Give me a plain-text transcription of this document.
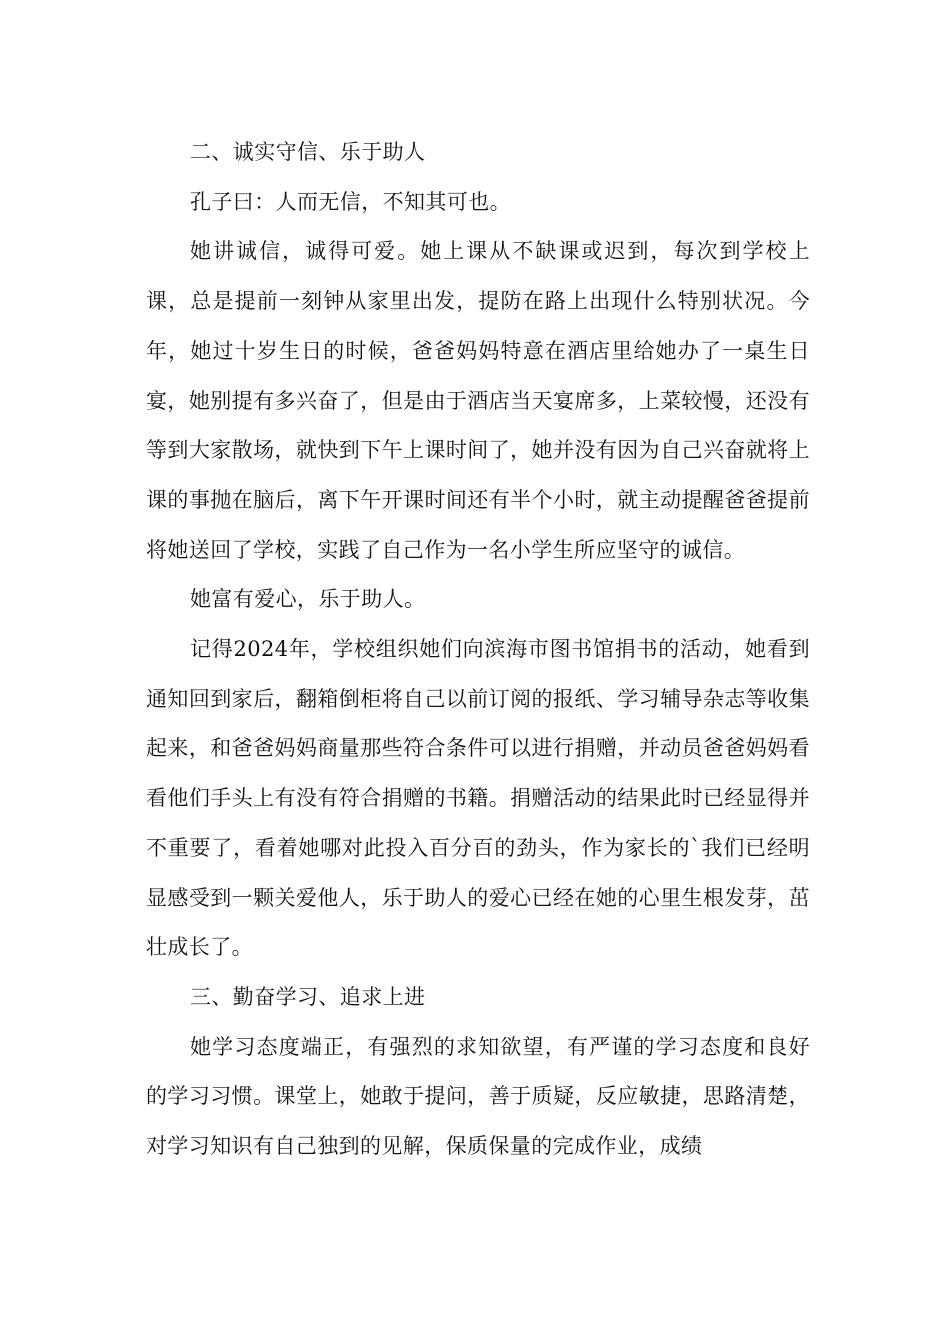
二、诚实守信、乐于助人

孔子曰：人而无信，不知其可也。

她讲诚信，诚得可爱。她上课从不缺课或迟到，每次到学校上课，总是提前一刻钟从家里出发，提防在路上出现什么特别状况。今年，她过十岁生日的时候，爸爸妈妈特意在酒店里给她办了一桌生日宴，她别提有多兴奋了，但是由于酒店当天宴席多，上菜较慢，还没有等到大家散场，就快到下午上课时间了，她并没有因为自己兴奋就将上课的事抛在脑后，离下午开课时间还有半个小时，就主动提醒爸爸提前将她送回了学校，实践了自己作为一名小学生所应坚守的诚信。

她富有爱心，乐于助人。

记得2024年，学校组织她们向滨海市图书馆捐书的活动，她看到通知回到家后，翻箱倒柜将自己以前订阅的报纸、学习辅导杂志等收集起来，和爸爸妈妈商量那些符合条件可以进行捐赠，并动员爸爸妈妈看看他们手头上有没有符合捐赠的书籍。捐赠活动的结果此时已经显得并不重要了，看着她哪对此投入百分百的劲头，作为家长的`我们已经明显感受到一颗关爱他人，乐于助人的爱心已经在她的心里生根发芽，茁壮成长了。

三、勤奋学习、追求上进

她学习态度端正，有强烈的求知欲望，有严谨的学习态度和良好的学习习惯。课堂上，她敢于提问，善于质疑，反应敏捷，思路清楚，对学习知识有自己独到的见解，保质保量的完成作业，成绩
